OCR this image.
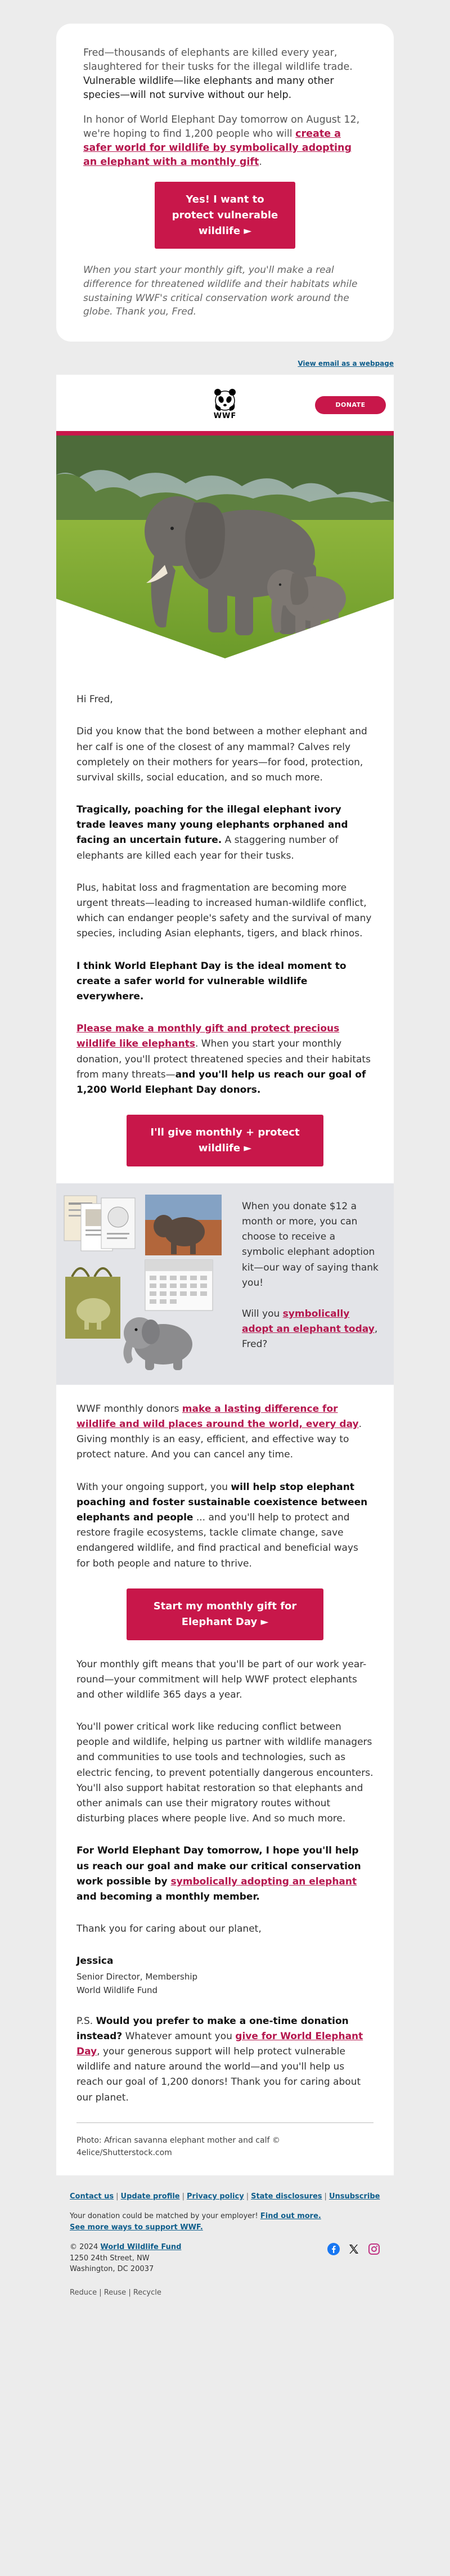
Fred—thousands of elephants are killed every year, slaughtered for their tusks for the illegal wildlife trade. Vulnerable wildlife—like elephants and many other species—will not survive without our help.

In honor of World Elephant Day tomorrow on August 12, we're hoping to find 1,200 people who will create a safer world for wildlife by symbolically adopting an elephant with a monthly gift.

Yes! I want to protect vulnerable wildlife ►

When you start your monthly gift, you'll make a real difference for threatened wildlife and their habitats while sustaining WWF's critical conservation work around the globe. Thank you, Fred.

View email as a webpage
WWF
DONATE

Hi Fred,

Did you know that the bond between a mother elephant and her calf is one of the closest of any mammal? Calves rely completely on their mothers for years—for food, protection, survival skills, social education, and so much more.

Tragically, poaching for the illegal elephant ivory trade leaves many young elephants orphaned and facing an uncertain future. A staggering number of elephants are killed each year for their tusks.

Plus, habitat loss and fragmentation are becoming more urgent threats—leading to increased human-wildlife conflict, which can endanger people's safety and the survival of many species, including Asian elephants, tigers, and black rhinos.

I think World Elephant Day is the ideal moment to create a safer world for vulnerable wildlife everywhere.

Please make a monthly gift and protect precious wildlife like elephants. When you start your monthly donation, you'll protect threatened species and their habitats from many threats—and you'll help us reach our goal of 1,200 World Elephant Day donors.

I'll give monthly + protect wildlife ►

When you donate $12 a month or more, you can choose to receive a symbolic elephant adoption kit—our way of saying thank you!

Will you symbolically adopt an elephant today, Fred?

WWF monthly donors make a lasting difference for wildlife and wild places around the world, every day. Giving monthly is an easy, efficient, and effective way to protect nature. And you can cancel any time.

With your ongoing support, you will help stop elephant poaching and foster sustainable coexistence between elephants and people ... and you'll help to protect and restore fragile ecosystems, tackle climate change, save endangered wildlife, and find practical and beneficial ways for both people and nature to thrive.

Start my monthly gift for Elephant Day ►

Your monthly gift means that you'll be part of our work year-round—your commitment will help WWF protect elephants and other wildlife 365 days a year.

You'll power critical work like reducing conflict between people and wildlife, helping us partner with wildlife managers and communities to use tools and technologies, such as electric fencing, to prevent potentially dangerous encounters. You'll also support habitat restoration so that elephants and other animals can use their migratory routes without disturbing places where people live. And so much more.

For World Elephant Day tomorrow, I hope you'll help us reach our goal and make our critical conservation work possible by symbolically adopting an elephant and becoming a monthly member.

Thank you for caring about our planet,

Jessica
Senior Director, Membership
World Wildlife Fund

P.S. Would you prefer to make a one-time donation instead? Whatever amount you give for World Elephant Day, your generous support will help protect vulnerable wildlife and nature around the world—and you'll help us reach our goal of 1,200 donors! Thank you for caring about our planet.

Photo: African savanna elephant mother and calf © 4elice/Shutterstock.com
Contact us | Update profile | Privacy policy | State disclosures | Unsubscribe
Your donation could be matched by your employer! Find out more.
See more ways to support WWF.
© 2024 World Wildlife Fund
1250 24th Street, NW
Washington, DC 20037
Reduce | Reuse | Recycle
